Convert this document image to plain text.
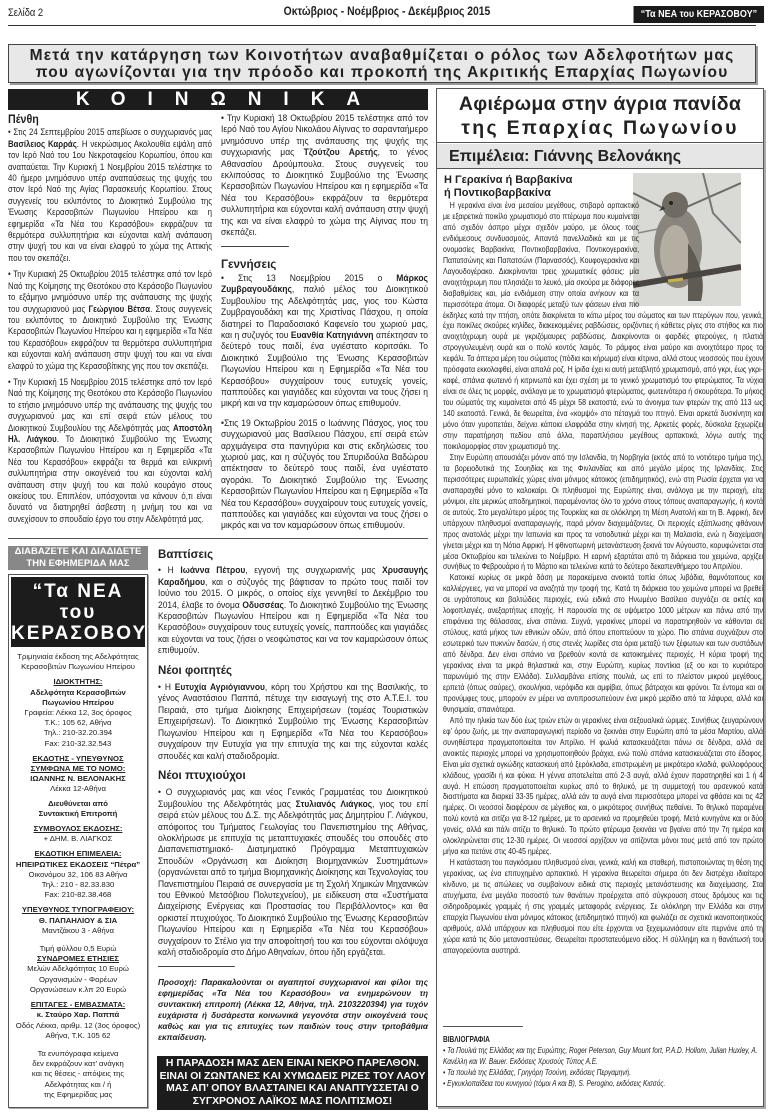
Σελίδα 2	Οκτώβριος - Νοέμβριος - Δεκέμβριος 2015	“Τα ΝΕΑ του ΚΕΡΑΣΟΒΟΥ”
Μετά την κατάργηση των Κοινοτήτων αναβαθμίζεται ο ρόλος των Αδελφοτήτων μας
που αγωνίζονται για την πρόοδο και προκοπή της Ακριτικής Επαρχίας Πωγωνίου
ΚΟΙΝΩΝΙΚΑ
Πένθη

• Στις 24 Σεπτεμβρίου 2015 απεβίωσε ο συγχωριανός μας Βασίλειος Καρράς. Η νεκρώσιμος Ακολουθία εψάλη από τον Ιερό Ναό του 1ου Νεκροταφείου Κορωπίου, όπου και αναπαύεται. Την Κυριακή 1 Νοεμβρίου 2015 τελέστηκε το 40 ήμερο μνημόσυνο υπέρ αναπαύσεως της ψυχής του στον Ιερό Ναό της Αγίας Παρασκευής Κορωπίου. Στους συγγενείς του εκλιπόντος το Διοικητικό Συμβούλιο της Ένωσης Κερασοβιτών Πωγωνίου Ηπείρου και η εφημερίδα «Τα Νέα του Κερασόβου» εκφράζουν τα θερμότερα συλλυπητήρια και εύχονται καλή ανάπαυση στην ψυχή του και να είναι ελαφρύ το χώμα της Αττικής που τον σκεπάζει.

• Την Κυριακή 25 Οκτωβρίου 2015 τελέστηκε από τον Ιερό Ναό της Κοίμησης της Θεοτόκου στο Κεράσοβο Πωγωνίου το εξάμηνο μνημόσυνο υπέρ της ανάπαυσης της ψυχής του συγχωριανού μας Γεώργιου Βέτσα. Στους συγγενείς του εκλιπόντος το Διοικητικό Συμβούλιο της Ένωσης Κερασοβιτών Πωγωνίου Ηπείρου και η εφημερίδα «Τα Νέα του Κερασόβου» εκφράζουν τα θερμότερα συλλυπητήρια και εύχονται καλή ανάπαυση στην ψυχή του και να είναι ελαφρύ το χώμα της Κερασοβίτικης γης που τον σκεπάζει.

• Την Κυριακή 15 Νοεμβρίου 2015 τελέστηκε από τον Ιερό Ναό της Κοίμησης της Θεοτόκου στο Κεράσοβο Πωγωνίου το ετήσιο μνημόσυνο υπέρ της ανάπαυσης της ψυχής του συγχωριανού μας και επί σειρά ετών μέλους του Διοικητικού Συμβουλίου της Αδελφότητάς μας Αποστόλη Ηλ. Λιάγκου. Το Διοικητικό Συμβούλιο της Ένωσης Κερασοβιτών Πωγωνίου Ηπείρου και η Εφημερίδα «Τα Νέα του Κερασόβου» εκφράζει τα θερμά και ειλικρινή συλλυπητήρια στην οικογένειά του και εύχονται καλή ανάπαυση στην ψυχή του και πολύ κουράγιο στους οικείους του. Επιπλέον, υπόσχονται να κάνουν ό,τι είναι δυνατό να διατηρηθεί άσβεστη η μνήμη του και να συνεχίσουν το σπουδαίο έργο του στην Αδελφότητά μας.

• Την Κυριακή 18 Οκτωβρίου 2015 τελέστηκε από τον Ιερό Ναό του Αγίου Νικολάου Αίγινας το σαρανταήμερο μνημόσυνο υπέρ της ανάπαυσης της ψυχής της συγχωριανής μας Τζούτζου Αρετής, το γένος Αθανασίου Δρούμπουλα. Στους συγγενείς του εκλιπούσας το Διοικητικό Συμβούλιο της Ένωσης Κερασοβιτών Πωγωνίου Ηπείρου και η εφημερίδα «Τα Νέα του Κερασόβου» εκφράζουν τα θερμότερα συλλυπητήρια και εύχονται καλή ανάπαυση στην ψυχή της και να είναι ελαφρύ το χώμα της Αίγινας που τη σκεπάζει.

Γεννήσεις

• Στις 13 Νοεμβρίου 2015 ο Μάρκος Ζυμβραγουδάκης, παλιό μέλος του Διοικητικού Συμβουλίου της Αδελφότητάς μας, γιος του Κώστα Ζυμβραγουδάκη και της Χριστίνας Πάσχου, η οποία διατηρεί το Παραδοσιακό Καφενείο του χωριού μας, και η συζυγός του Ευανθία Κατηγιάννη απέκτησαν το δεύτερό τους παιδί, ένα υγιέστατο κοριτσάκι. Το Διοικητικό Συμβούλιο της Ένωσης Κερασοβιτών Πωγωνίου Ηπείρου και η Εφημερίδα «Τα Νέα του Κερασόβου» συγχαίρουν τους ευτυχείς γονείς, παππούδες και γιαγιάδες και εύχονται να τους ζήσει η μικρή και να την καμαρώσουν όπως επιθυμούν.

•Στις 19 Οκτωβρίου 2015 ο Ιωάννης Πάσχος, γιος του συγχωριανού μας Βασίλειου Πάσχου, επί σειρά ετών αρχιμάγειρα στα πανηγύρια και στις εκδηλώσεις του χωριού μας, και η σύζυγός του Σπυριδούλα Βαδώρου απέκτησαν το δεύτερό τους παιδί, ένα υγιέστατο αγοράκι. Το Διοικητικό Συμβούλιο της Ένωσης Κερασοβιτών Πωγωνίου Ηπείρου και η Εφημερίδα «Τα Νέα του Κερασόβου» συγχαίρουν τους ευτυχείς γονείς, παππούδες και γιαγιάδες και εύχονται να τους ζήσει ο μικρός και να τον καμαρώσουν όπως επιθυμούν.

ΔΙΑΒΑΖΕΤΕ ΚΑΙ ΔΙΑΔΙΔΕΤΕ ΤΗΝ ΕΦΗΜΕΡΙΔΑ ΜΑΣ
“Τα ΝΕΑ του
ΚΕΡΑΣΟΒΟΥ”
Τριμηνιαία έκδοση της Αδελφότητας
Κερασοβιτών Πωγωνίου Ηπείρου
ΙΔΙΟΚΤΗΤΗΣ:
Αδελφότητα Κερασοβιτών
Πωγωνίου Ηπείρου
Γραφεία: Λέκκα 12, 3ος όροφος
Τ.Κ.: 105 62, Αθήνα
Τηλ.: 210-32.20.394
Fax: 210-32.32.543
ΕΚΔΟΤΗΣ - ΥΠΕΥΘΥΝΟΣ
ΣΥΜΦΩΝΑ ΜΕ ΤΟ ΝΟΜΟ:
ΙΩΑΝΝΗΣ Ν. ΒΕΛΟΝΑΚΗΣ
Λέκκα 12-Αθήνα
Διευθύνεται από
Συντακτική Επιτροπή
ΣΥΜΒΟΥΛΟΣ ΕΚΔΟΣΗΣ:
+ ΔΗΜ. Β. ΛΙΑΓΚΟΣ
ΕΚΔΟΤΙΚΗ ΕΠΙΜΕΛΕΙΑ:
ΗΠΕΙΡΩΤΙΚΕΣ ΕΚΔΟΣΕΙΣ “Πέτρα”
Οικονόμου 32, 106 83 Αθήνα
Τηλ.: 210 - 82.33.830
Fax: 210-82.38.468
ΥΠΕΥΘΥΝΟΣ ΤΥΠΟΓΡΑΦΕΙΟΥ:
Θ. ΠΑΠΑΗΛΙΟΥ & ΣΙΑ
Μαντζάκου 3 - Αθήνα
Τιμή φύλλου 0,5 Ευρώ
ΣΥΝΔΡΟΜΕΣ ΕΤΗΣΙΕΣ
Μελών Αδελφότητας 10 Ευρώ
Οργανισμών - Φορέων
Οργανώσεων κ.λπ 20 Ευρώ
ΕΠΙΤΑΓΕΣ - ΕΜΒΑΣΜΑΤΑ:
κ. Σταύρο Χαρ. Παππά
Οδός Λέκκα, αριθμ. 12 (3ος όροφος)
Αθήνα, Τ.Κ. 105 62
Τα ενυπόγραφα κείμενα
δεν εκφράζουν κατ’ ανάγκη
και τις θέσεις - απόψεις της
Αδελφότητας και / ή
της Εφημερίδας μας
Βαπτίσεις

• Η Ιωάννα Πέτρου, εγγονή της συγχωριανής μας Χρυσαυγής Καραδήμου, και ο σύζυγός της βάφτισαν το πρώτο τους παιδί τον Ιούνιο του 2015. Ο μικρός, ο οποίος είχε γεννηθεί το Δεκέμβριο του 2014, έλαβε το όνομα Οδυσσέας. Το Διοικητικό Συμβούλιο της Ένωσης Κερασοβιτών Πωγωνίου Ηπείρου και η Εφημερίδα «Τα Νέα του Κερασόβου» συγχαίρουν τους ευτυχείς γονείς, παππούδες και γιαγιάδες και εύχονται να τους ζήσει ο νεοφώτιστος και να τον καμαρώσουν όπως επιθυμούν.

Νέοι φοιτητές

• Η Ευτυχία Αγριόγιαννου, κόρη του Χρήστου και της Βασιλικής, το γένος Αναστάσιου Παππά, πέτυχε την εισαγωγή της στο Α.Τ.Ε.Ι. του Πειραιά, στο τμήμα Διοίκησης Επιχειρήσεων (τομέας Τουριστικών Επιχειρήσεων). Το Διοικητικό Συμβούλιο της Ένωσης Κερασοβιτών Πωγωνίου Ηπείρου και η Εφημερίδα «Τα Νέα του Κερασόβου» συγχαίρουν την Ευτυχία για την επιτυχία της και της εύχονται καλές σπουδές και καλή σταδιοδρομία.

Νέοι πτυχιούχοι

• Ο συγχωριανός μας και νέος Γενικός Γραμματέας του Διοικητικού Συμβουλίου της Αδελφότητάς μας Στυλιανός Λιάγκος, γιος του επί σειρά ετών μέλους του Δ.Σ. της Αδελφότητάς μας Δημητρίου Γ. Λιάγκου, απόφοιτος του Τμήματος Γεωλογίας του Πανεπιστημίου της Αθήνας, ολοκλήρωσε με επιτυχία τις μεταπτυχιακές σπουδές του σπουδές στο Διαπανεπιστημιακό- Διατμηματικό Πρόγραμμα Μεταπτυχιακών Σπουδών «Οργάνωση και Διοίκηση Βιομηχανικών Συστημάτων» (οργανώνεται από το τμήμα Βιομηχανικής Διοίκησης και Τεχνολογίας του Πανεπιστημίου Πειραιά σε συνεργασία με τη Σχολή Χημικών Μηχανικών του Εθνικού Μετσόβιου Πολυτεχνείου), με ειδίκευση στα «Συστήματα Διαχείρισης Ενέργειας και Προστασίας του Περιβάλλοντος» και θα ορκιστεί πτυχιούχος. Το Διοικητικό Συμβούλιο της Ένωσης Κερασοβιτών Πωγωνίου Ηπείρου και η Εφημερίδα «Τα Νέα του Κερασόβου» συγχαίρουν το Στέλιο για την αποφοίτησή του και του εύχονται ολόψυχα καλή σταδιοδρομία στο Δήμο Αθηναίων, όπου ήδη εργάζεται.

Προσοχή: Παρακαλούνται οι αγαπητοί συγχωριανοί και φίλοι της εφημερίδας «Τα Νέα του Κερασόβου» να ενημερώνουν τη συντακτική επιτροπή (Λέκκα 12, Αθήνα, τηλ. 2103220394) για τυχόν ευχάριστα ή δυσάρεστα κοινωνικά γεγονότα στην οικογένειά τους καθώς και για τις επιτυχίες των παιδιών τους στην τριτοβάθμια εκπαίδευση.

Η ΠΑΡΑΔΟΣΗ ΜΑΣ ΔΕΝ ΕΙΝΑΙ ΝΕΚΡΟ ΠΑΡΕΛΘΟΝ. ΕΙΝΑΙ ΟΙ ΖΩΝΤΑΝΕΣ ΚΑΙ ΧΥΜΩΔΕΙΣ ΡΙΖΕΣ ΤΟΥ ΛΑΟΥ ΜΑΣ ΑΠ’ ΟΠΟΥ ΒΛΑΣΤΑΙΝΕΙ ΚΑΙ ΑΝΑΠΤΥΣΣΕΤΑΙ Ο ΣΥΓΧΡΟΝΟΣ ΛΑΪΚΟΣ ΜΑΣ ΠΟΛΙΤΙΣΜΟΣ!
Αφιέρωμα στην άγρια πανίδα
της Επαρχίας Πωγωνίου
Επιμέλεια: Γιάννης Βελονάκης
Η Γερακίνα ή Βαρβακίνα
ή Ποντικοβαρβακίνα

Η γερακίνα είναι ένα μεσαίου μεγέθους, στιβαρό αρπακτικό με εξαιρετικά ποικίλο χρωματισμό στο πτέρωμα που κυμαίνεται από σχεδόν άσπρο μέχρι σχεδόν μαύρο, με όλους τους ενδιάμεσους συνδυασμούς. Απαντά πανελλαδικά και με τις ονομασίες Βαρβακίνα, Ποντικοβαρβακίνα, Ποντικογερακίνα, Παπατσώνης και Παπατσώνι (Παρνασσός), Κουφογερακίνα και Λαγουδογέρακο. Διακρίνονται τρεις χρωματικές φάσεις: μία ανοιχτόχρωμη που πλησιάζει το λευκό, μία σκούρα με διάφορες διαβαθμίσεις και, μία ενδιάμεση στην οποία ανήκουν και τα περισσότερα άτομα. Οι διαφορές μεταξύ των φάσεων είναι πιο έκδηλες κατά την πτήση, οπότε διακρίνεται το κάτω μέρος του σώματος και των πτερύγων που, γενικά, έχει ποικίλες σκούρες κηλίδες, διακεκομμένες ραβδώσεις, οριζόντιες ή κάθετες ρίγες στο στήθος και πιο ανοιχτόχρωμη ουρά με γκριζόμαυρες ραβδώσεις. Διακρίνονται οι φαρδιές φτερούγες, η πλατιά στρογγυλευμένη ουρά και ο πολύ κοντός λαιμός. Το ράμφος είναι μαύρο και ανοιχτότερο προς το κεφάλι. Τα άπτερα μέρη του σώματος (πόδια και κήρωμα) είναι κίτρινα, αλλά στους νεοσσούς που έχουν πρόσφατα εκκολαφθεί, είναι απαλά ροζ. Η ίριδα έχει κι αυτή μεταβλητό χρωματισμό, από γκρι, έως γκρι-καφέ, σπάνια φωτεινό ή κιτρινωπό και έχει σχέση με το γενικό χρωματισμό του φτερώματος. Τα νύχια είναι σε όλες τις μορφές, ανάλογα με το χρωματισμό φτερώματος, φωτεινότερα ή σκουρότερα. Το μήκος του σώματός της κυμαίνεται από 45 μέχρι 58 εκατοστά, ενώ το άνοιγμα των φτερών της από 113 ως 140 εκατοστά. Γενικά, δε θεωρείται, ένα «κομψό» στο πέταγμά του πτηνό. Είναι αρκετά δυσκίνητη και μόνο όταν γυροπετάει, δείχνει κάποια ελαφράδα στην κίνησή της. Αρκετές φορές, δύσκολα ξεχωρίζει στην παρατήρηση πεδίου από άλλα, παραπλήσιου μεγέθους αρπακτικά, λόγω αυτής της ποικιλομορφίας στον χρωματισμό της.

Στην Ευρώπη απουσιάζει μόνον από την Ισλανδία, τη Νορβηγία (εκτός από το νοτιότερο τμήμα της), τα βορειοδυτικά της Σουηδίας και της Φινλανδίας και από μεγάλο μέρος της Ιρλανδίας. Στις περισσότερες ευρωπαϊκές χώρες είναι μόνιμος κάτοικος (επιδημητικός), ενώ στη Ρωσία έρχεται για να αναπαραχθεί μόνο το καλοκαίρι. Οι πληθυσμοί της Ευρώπης είναι, ανάλογα με την περιοχή, είτε μόνιμοι, είτε μερικώς αποδημητικοί, παραμένοντας όλο το χρόνο στους τόπους αναπαραγωγής, ή κοντά σε αυτούς. Στο μεγαλύτερο μέρος της Τουρκίας και σε ολόκληρη τη Μέση Ανατολή και τη Β. Αφρική, δεν υπάρχουν πληθυσμοί αναπαραγωγής, παρά μόνον διαχειμάζοντες. Οι περιοχές εξάπλωσης φθάνουν προς ανατολάς μέχρι την Ιαπωνία και προς τα νοτιοδυτικά μέχρι και τη Μαλαισία, ενώ η διαχείμαση γίνεται μέχρι και τη Νότια Αφρική. Η φθινοπωρινή μετανάστευση ξεκινά τον Αύγουστο, κορυφώνεται στα μέσα Οκτωβρίου και τελειώνει το Νοέμβριο. Η εαρινή εξαρτάται από τη διάρκεια του χειμώνα, αρχίζει συνήθως το Φεβρουάριο ή το Μάρτιο και τελειώνει κατά το δεύτερο δεκαπενθήμερο του Απριλίου.

Κατοικεί κυρίως σε μικρά δάση με παρακείμενα ανοικτά τοπία όπως λιβάδια, θαμνότοπους και καλλιέργειες, για να μπορεί να αναζητά την τροφή της. Κατά τη διάρκεια του χειμώνα μπορεί να βρεθεί σε υγρότοπους και βαλτώδεις περιοχές, ενώ ειδικά στο Ηνωμένο Βασίλειο συχνάζει σε ακτές και λοφοπλαγιές, ανεξαρτήτως εποχής. Η παρουσία της σε υψόμετρο 1000 μέτρων και πάνω από την επιφάνεια της θάλασσας, είναι σπάνια. Συχνά, γερακίνες μπορεί να παρατηρηθούν να κάθονται σε στύλους, κατά μήκος των εθνικών οδών, από όπου εποπτεύουν το χώρο. Πιο σπάνια συχνάζουν στο εσωτερικό των πυκνών δασών, ή στις στενές λωρίδες στα όρια μεταξύ των ξέφωτων και των συστάδων από δένδρα. Δεν είναι σπάνιο να βρεθούν κοντά σε κατοικημένες περιοχές. Η κύρια τροφή της γερακίνας είναι τα μικρά θηλαστικά και, στην Ευρώπη, κυρίως ποντίκια (εξ ου και το κυριότερο παρωνύμιό της στην Ελλάδα). Συλλαμβάνει επίσης πουλιά, ως επί το πλείστον μικρού μεγέθους, ερπετά (όπως σαύρες), σκουλήκια, νερόφιδα και αμφίβια, όπως βάτραχοι και φρύνοι. Τα έντομα και οι προνύμφες τους, μπορούν εν μέρει να αντιπροσωπεύουν ένα μικρό μερίδιο από τα λάφυρα, αλλά και θνησιμαία, σπανιότερα.

Από την ηλικία των δύο έως τριών ετών οι γερακίνες είναι σεξουαλικά ώριμες. Συνήθως ζευγαρώνουν εφ’ όρου ζωής, με την αναπαραγωγική περίοδο να ξεκινάει στην Ευρώπη από τα μέσα Μαρτίου, αλλά συνηθέστερα πραγματοποιείται τον Απρίλιο. Η φωλιά κατασκευάζεται πάνω σε δένδρα, αλλά σε ανοικτές περιοχές μπορεί να χρησιμοποιηθούν βράχια, ενώ πολύ σπάνια κατασκευάζεται στο έδαφος. Είναι μία σχετικά ογκώδης κατασκευή από ξερόκλαδα, επιστρωμένη με μικρότερα κλαδιά, φυλλοφόρους κλάδους, γρασίδι ή και φύκια. Η γέννα αποτελείται από 2-3 αυγά, αλλά έχουν παρατηρηθεί και 1 ή 4 αυγά. Η επώαση πραγματοποιείται κυρίως από το θηλυκό, με τη συμμετοχή του αρσενικού κατά διαστήματα και διαρκεί 33-35 ημέρες, αλλά εάν τα αυγά είναι περισσότερα μπορεί να φθάσει και τις 42 ημέρες. Οι νεοσσοί διαφέρουν σε μέγεθος και, ο μικρότερος συνήθως πεθαίνει. Το θηλυκό παραμένει πολύ κοντά και σιτίζει για 8-12 ημέρες, με το αρσενικό να προμηθεύει τροφή. Μετά κυνηγάνε και οι δύο γονείς, αλλά και πάλι σιτίζει το θηλυκό. Το πρώτο φτέρωμα ξεκινάει να βγαίνει από την 7η ημέρα και ολοκληρώνεται στις 12-30 ημέρες. Οι νεοσσοί αρχίζουν να σιτίζονται μόνοι τους μετά από τον πρώτο μήνα και πετάνε στις 40-45 ημέρες.

Η κατάσταση του παγκόσμιου πληθυσμού είναι, γενικά, καλή και σταθερή, πιστοποιώντας τη θέση της γερακίνας, ως ένα επιτυχημένο αρπακτικό. Η γερακίνα θεωρείται σήμερα ότι δεν διατρέχει ιδιαίτερο κίνδυνο, με τις απώλειες να συμβαίνουν ειδικά στις περιοχές μετανάστευσης και διαχείμασης. Στα ατυχήματα, ένα μεγάλο ποσοστό των θανάτων προέρχεται από σύγκρουση στους δρόμους και τις σιδηροδρομικές γραμμές ή στις γραμμές μεταφοράς ενέργειας. Σε ολόκληρη την Ελλάδα και στην επαρχία Πωγωνίου είναι μόνιμος κάτοικος (επιδημητικό πτηνό) και φωλιάζει σε σχετικά ικανοποιητικούς αριθμούς, αλλά υπάρχουν και πληθυσμοί που είτε έρχονται να ξεχειμωνιάσουν είτε περνάνε από τη χώρα κατά τις δύο μεταναστεύσεις. Θεωρείται προστατευόμενο είδος. Η σύλληψη και η θανάτωσή του απαγορεύονται αυστηρά.

ΒΙΒΛΙΟΓΡΑΦΙΑ
• Τα Πουλιά της Ελλάδας και της Ευρώπης, Roger Peterson, Guy Mount fort, P.A.D. Hollom, Julian Huxley, A. Κανέλλη και W. Bauer. Εκδόσεις Χρυσούς Τύπος Α.Ε.
• Τα πουλιά της Ελλάδας, Γρηγόρη Τσούνη, εκδόσεις Περγαμηνή.
• Εγκυκλοπαίδεια του κυνηγιού (τόμοι Α και Β), S. Perogino, εκδόσεις Κισσός.
